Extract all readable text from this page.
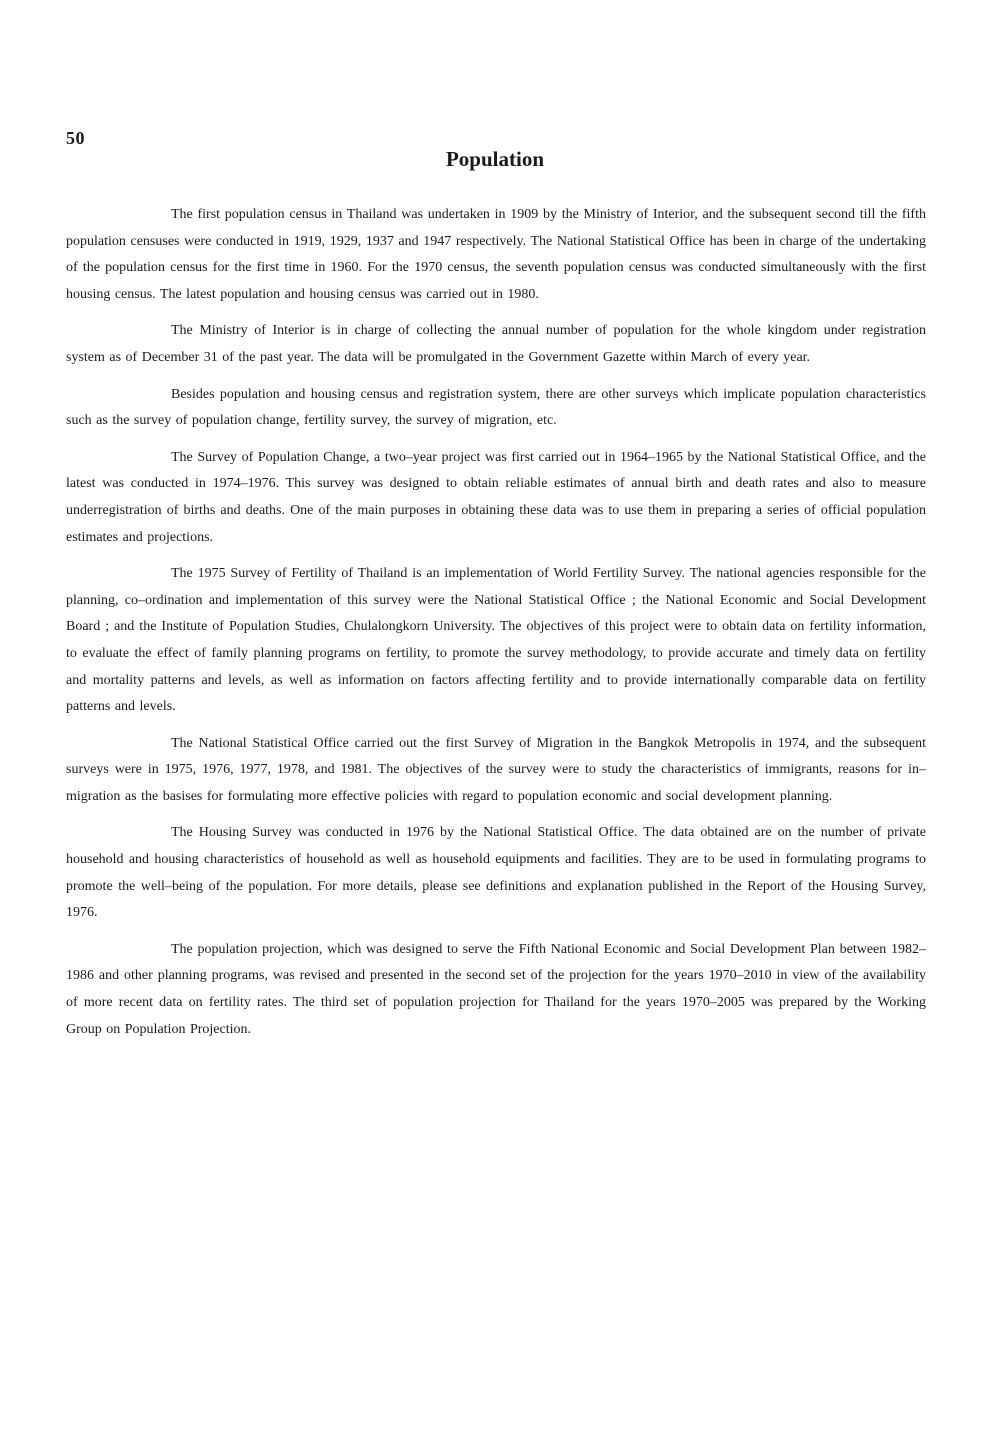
50
Population

The first population census in Thailand was undertaken in 1909 by the Ministry of Interior, and the subsequent second till the fifth population censuses were conducted in 1919, 1929, 1937 and 1947 respectively. The National Statistical Office has been in charge of the undertaking of the population census for the first time in 1960. For the 1970 census, the seventh population census was conducted simultaneously with the first housing census. The latest population and housing census was carried out in 1980.

The Ministry of Interior is in charge of collecting the annual number of population for the whole kingdom under registration system as of December 31 of the past year. The data will be promulgated in the Government Gazette within March of every year.

Besides population and housing census and registration system, there are other surveys which implicate population characteristics such as the survey of population change, fertility survey, the survey of migration, etc.

The Survey of Population Change, a two–year project was first carried out in 1964–1965 by the National Statistical Office, and the latest was conducted in 1974–1976. This survey was designed to obtain reliable estimates of annual birth and death rates and also to measure underregistration of births and deaths. One of the main purposes in obtaining these data was to use them in preparing a series of official population estimates and projections.

The 1975 Survey of Fertility of Thailand is an implementation of World Fertility Survey. The national agencies responsible for the planning, co–ordination and implementation of this survey were the National Statistical Office ; the National Economic and Social Development Board ; and the Institute of Population Studies, Chulalongkorn University. The objectives of this project were to obtain data on fertility information, to evaluate the effect of family planning programs on fertility, to promote the survey methodology, to provide accurate and timely data on fertility and mortality patterns and levels, as well as information on factors affecting fertility and to provide internationally comparable data on fertility patterns and levels.

The National Statistical Office carried out the first Survey of Migration in the Bangkok Metropolis in 1974, and the subsequent surveys were in 1975, 1976, 1977, 1978, and 1981. The objectives of the survey were to study the characteristics of immigrants, reasons for in–migration as the basises for formulating more effective policies with regard to population economic and social development planning.

The Housing Survey was conducted in 1976 by the National Statistical Office. The data obtained are on the number of private household and housing characteristics of household as well as household equipments and facilities. They are to be used in formulating programs to promote the well–being of the population. For more details, please see definitions and explanation published in the Report of the Housing Survey, 1976.

The population projection, which was designed to serve the Fifth National Economic and Social Development Plan between 1982–1986 and other planning programs, was revised and presented in the second set of the projection for the years 1970–2010 in view of the availability of more recent data on fertility rates. The third set of population projection for Thailand for the years 1970–2005 was prepared by the Working Group on Population Projection.
